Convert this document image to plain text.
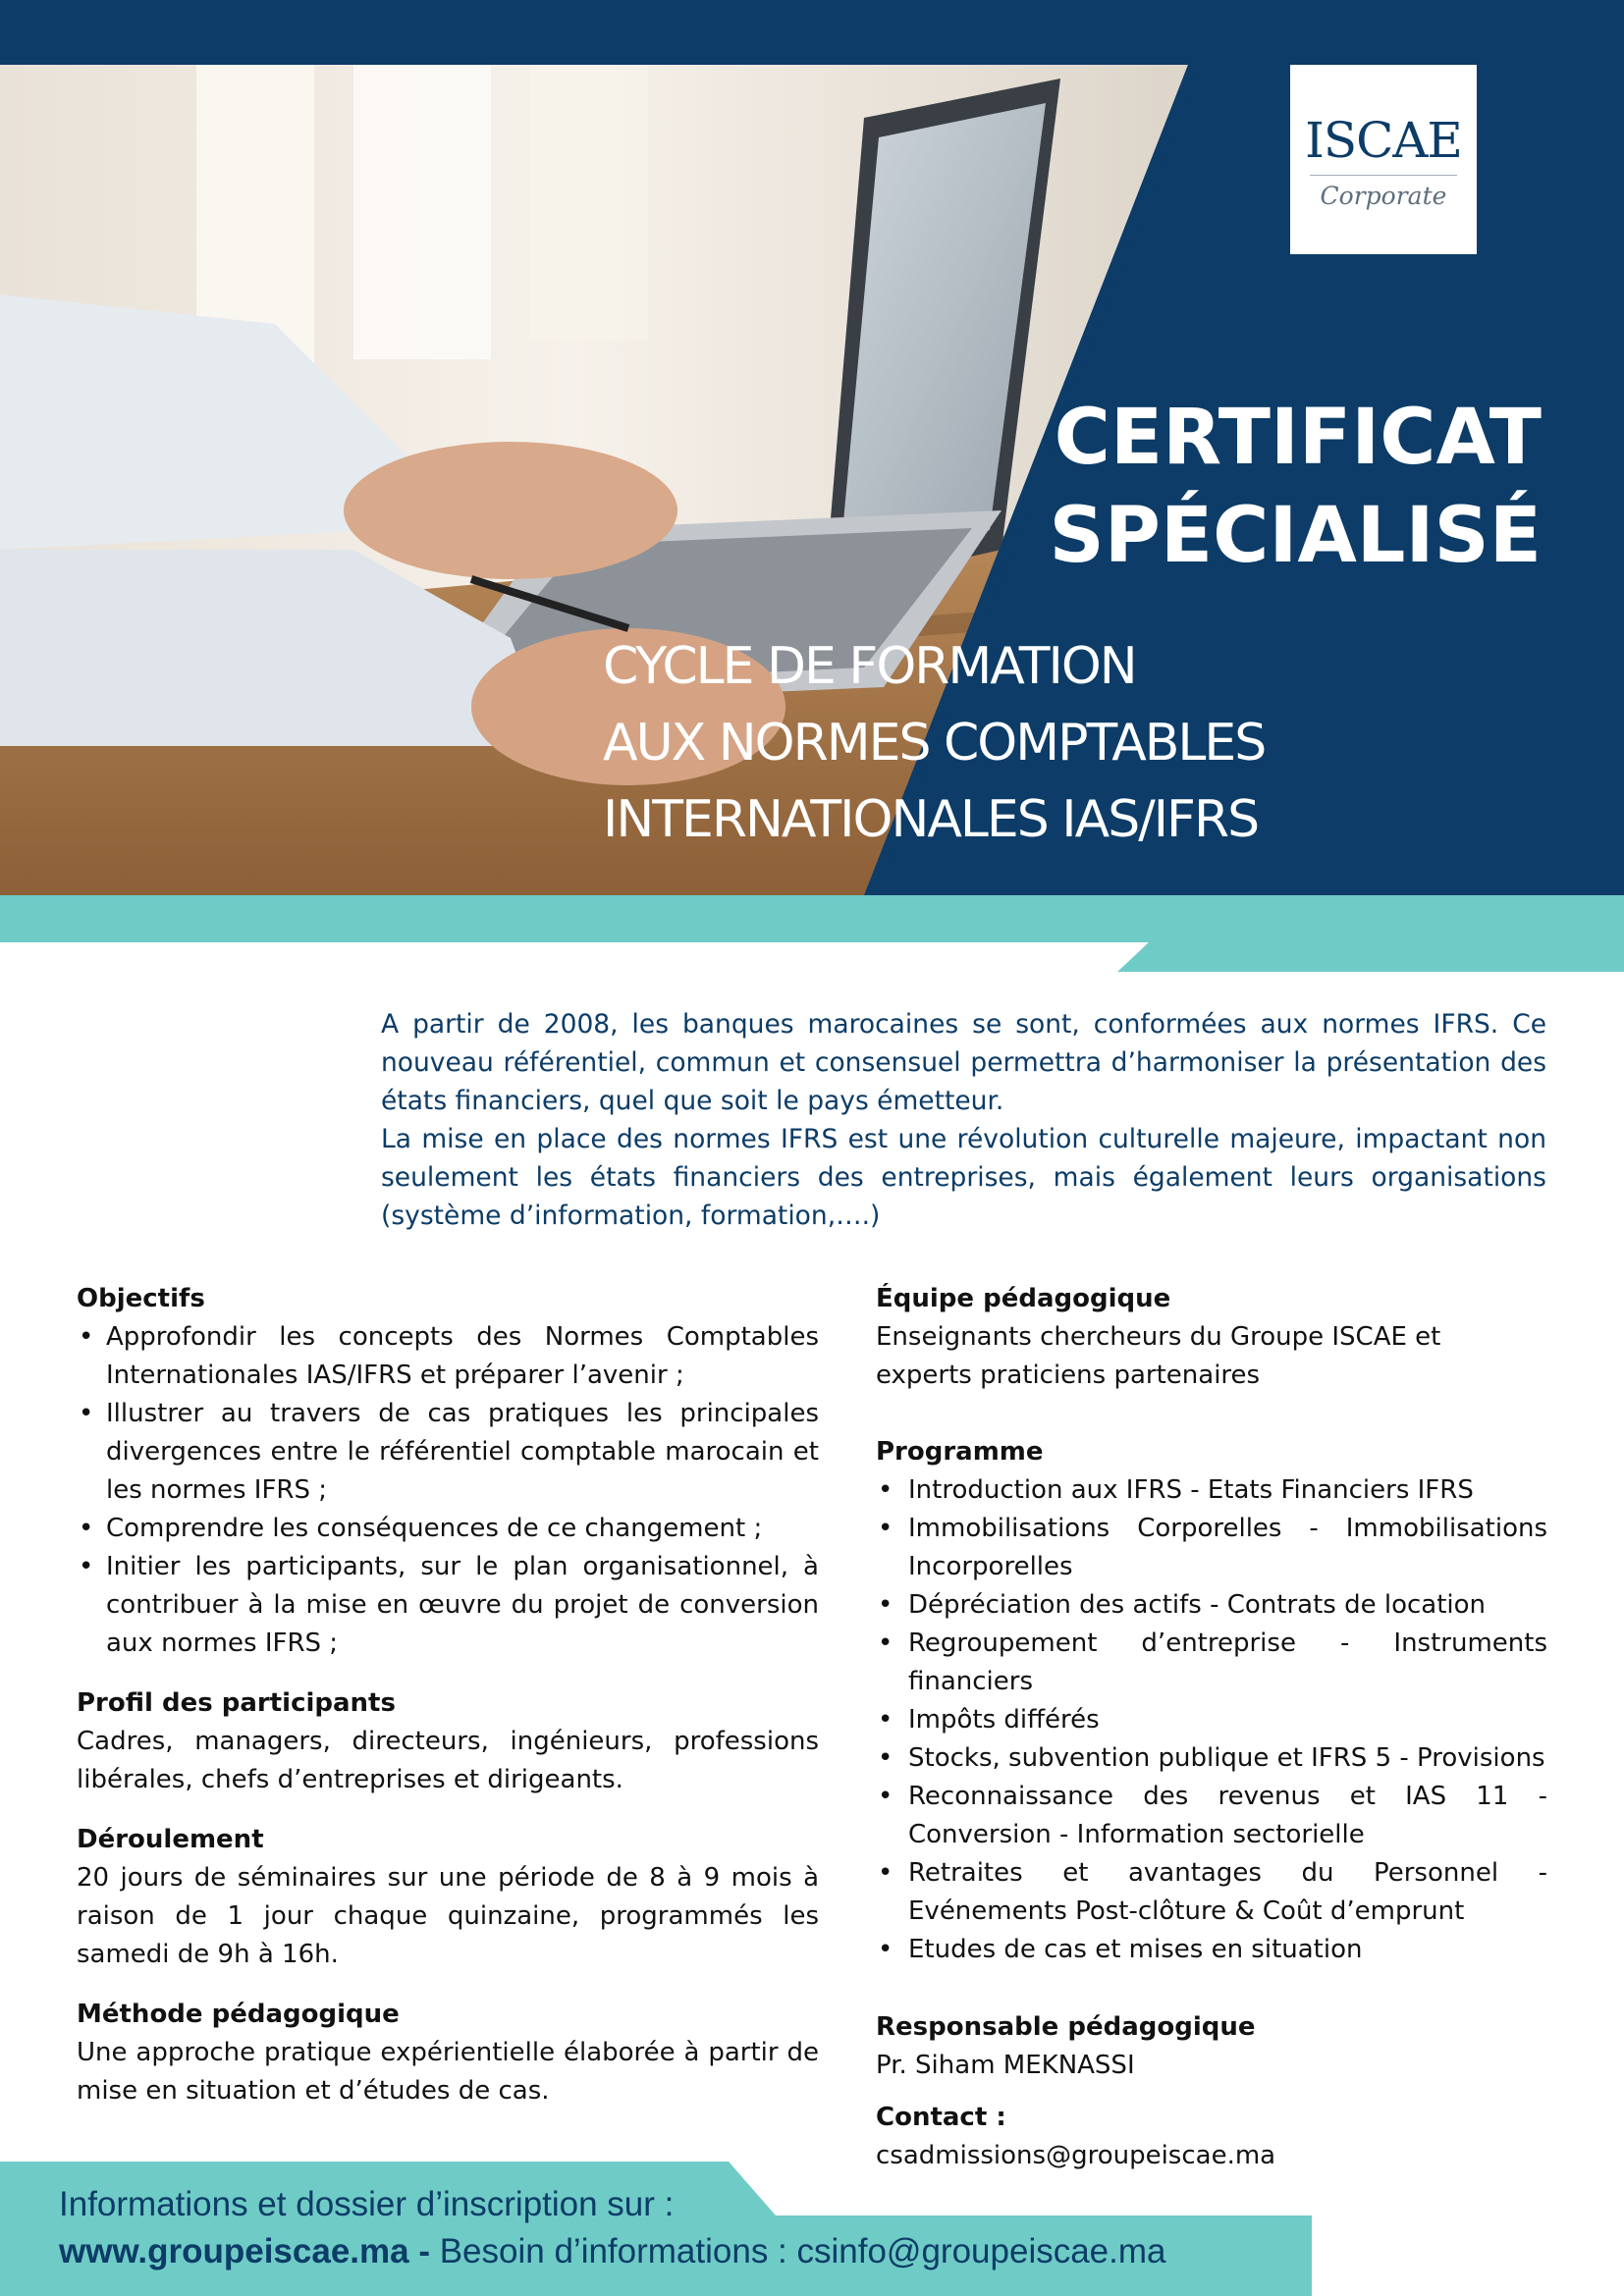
ISCAE
Corporate
CERTIFICAT
SPÉCIALISÉ
CYCLE DE FORMATION
AUX NORMES COMPTABLES
INTERNATIONALES IAS/IFRS

A partir de 2008, les banques marocaines se sont, conformées aux normes IFRS. Ce nouveau référentiel, commun et consensuel permettra d’harmoniser la présentation des états financiers, quel que soit le pays émetteur.

La mise en place des normes IFRS est une révolution culturelle majeure, impactant non seulement les états financiers des entreprises, mais également leurs organisations (système d’information, formation,….)

Objectifs
• Approfondir les concepts des Normes Comptables Internationales IAS/IFRS et préparer l’avenir ;
• Illustrer au travers de cas pratiques les principales divergences entre le référentiel comptable marocain et les normes IFRS ;
• Comprendre les conséquences de ce changement ;
• Initier les participants, sur le plan organisationnel, à contribuer à la mise en œuvre du projet de conversion aux normes IFRS ;
Profil des participants
Cadres, managers, directeurs, ingénieurs, professions libérales, chefs d’entreprises et dirigeants.
Déroulement
20 jours de séminaires sur une période de 8 à 9 mois à raison de 1 jour chaque quinzaine, programmés les samedi de 9h à 16h.
Méthode pédagogique
Une approche pratique expérientielle élaborée à partir de mise en situation et d’études de cas.
Équipe pédagogique
Enseignants chercheurs du Groupe ISCAE et
experts praticiens partenaires
Programme
• Introduction aux IFRS - Etats Financiers IFRS
• Immobilisations Corporelles - Immobilisations Incorporelles
• Dépréciation des actifs - Contrats de location
• Regroupement d’entreprise - Instruments financiers
• Impôts différés
• Stocks, subvention publique et IFRS 5 - Provisions
• Reconnaissance des revenus et IAS 11 - Conversion - Information sectorielle
• Retraites et avantages du Personnel - Evénements Post-clôture & Coût d’emprunt
• Etudes de cas et mises en situation
Responsable pédagogique
Pr. Siham MEKNASSI
Contact :
csadmissions@groupeiscae.ma
Informations et dossier d’inscription sur :
www.groupeiscae.ma - Besoin d’informations : csinfo@groupeiscae.ma
